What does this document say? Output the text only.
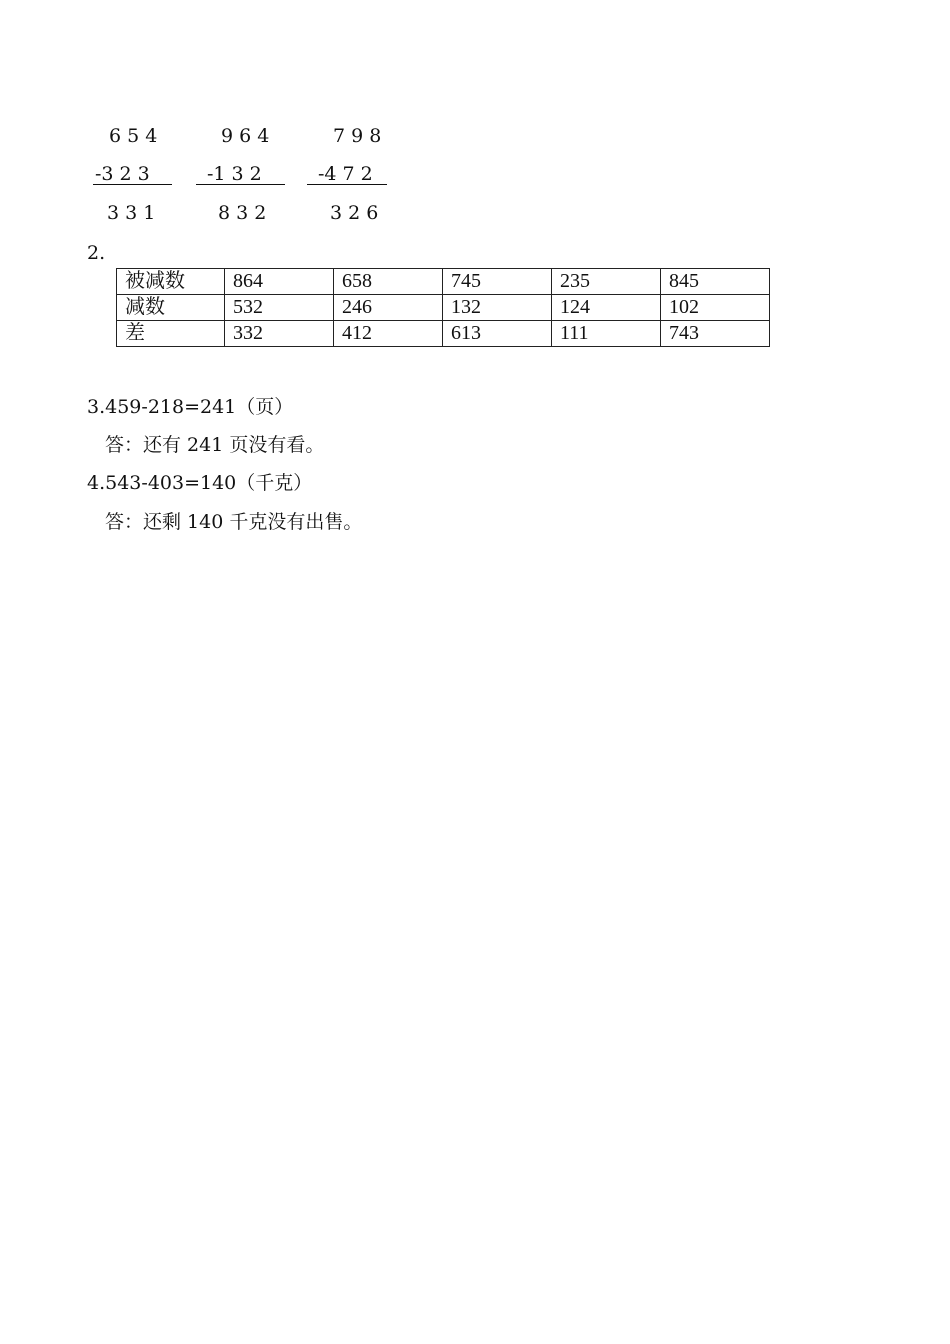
6 5 4
-3 2 3
3 3 1
9 6 4
-1 3 2
8 3 2
7 9 8
-4 7 2
3 2 6
2.
被减数	864	658	745	235	845
减数	532	246	132	124	102
差	332	412	613	111	743
3.459-218=241（页）
答：还有 241 页没有看。
4.543-403=140（千克）
答：还剩 140 千克没有出售。
